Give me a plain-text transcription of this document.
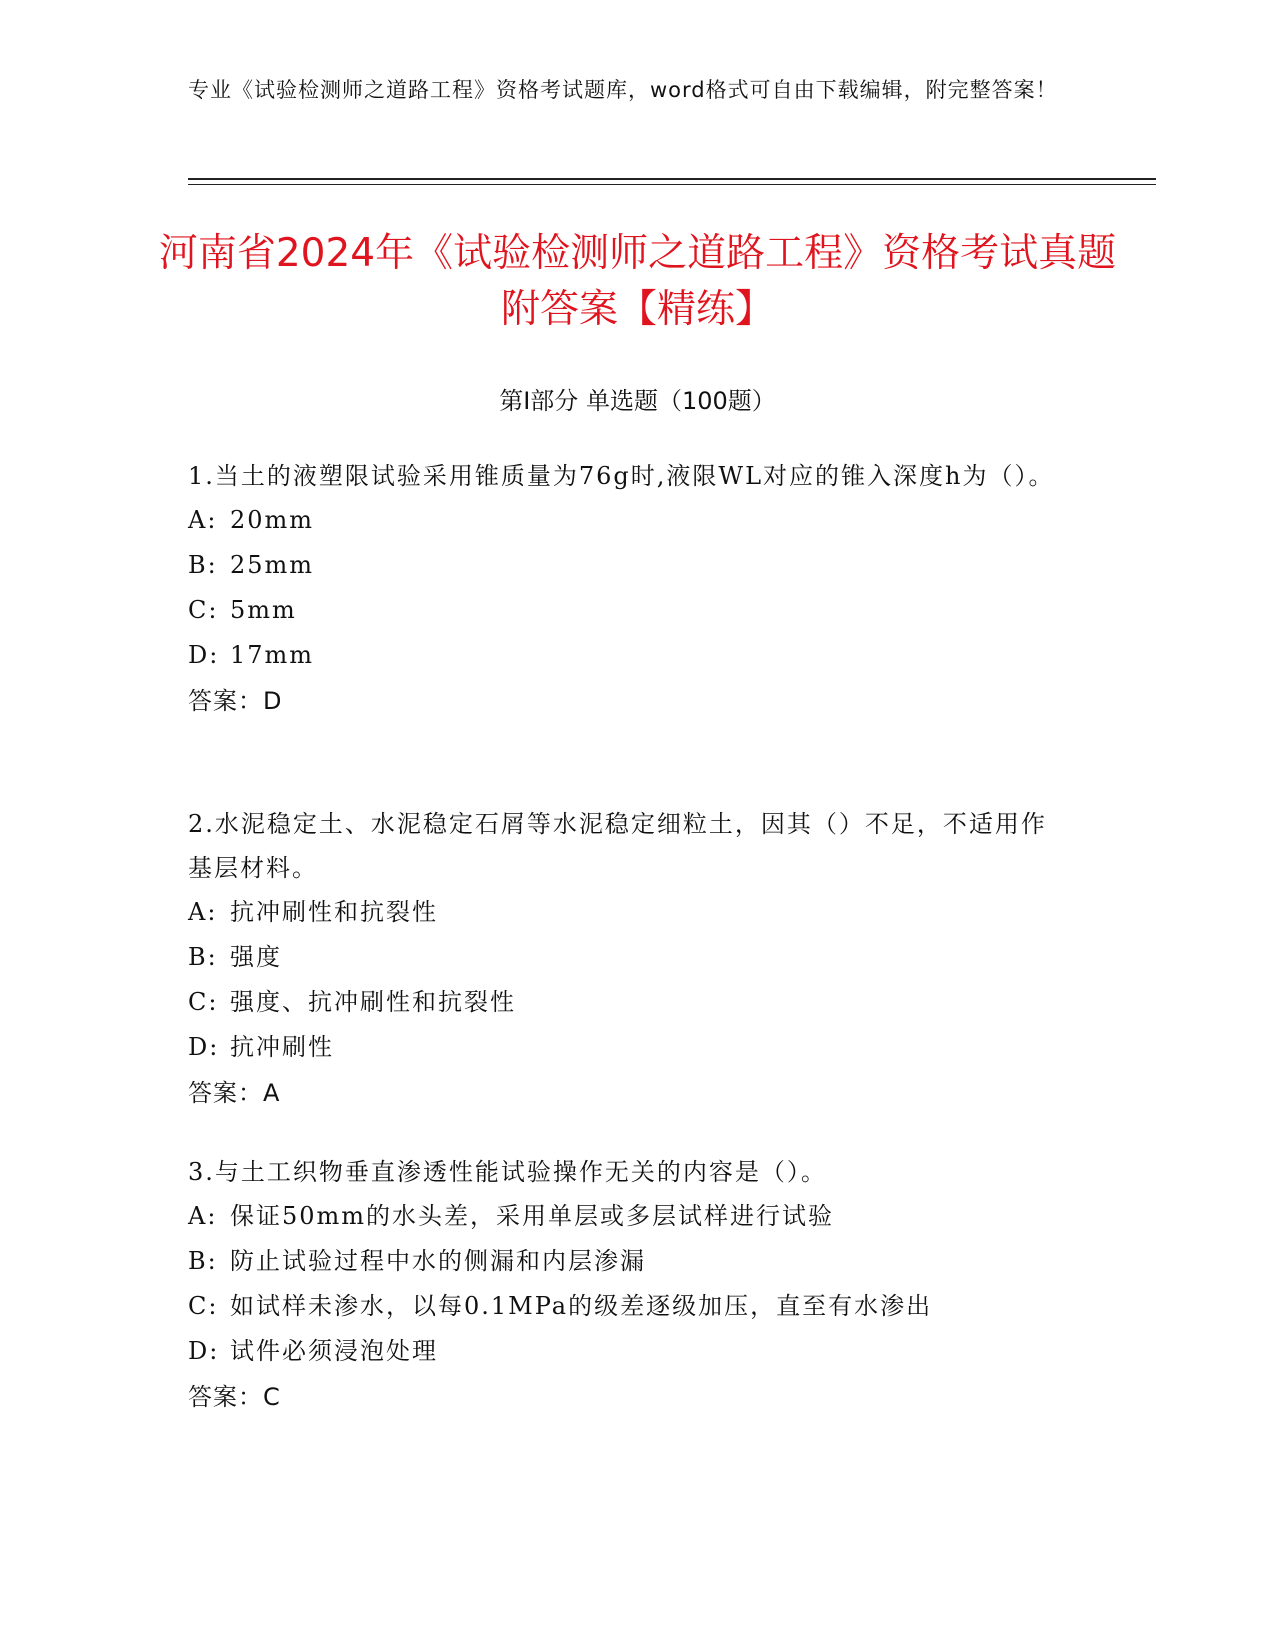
专业《试验检测师之道路工程》资格考试题库，word格式可自由下载编辑，附完整答案！
河南省2024年《试验检测师之道路工程》资格考试真题附答案【精练】
第Ⅰ部分 单选题（100题）
1.当土的液塑限试验采用锥质量为76g时,液限WL对应的锥入深度h为（）。
A: 20mm
B: 25mm
C: 5mm
D: 17mm
答案：D
2.水泥稳定土、水泥稳定石屑等水泥稳定细粒土，因其（）不足，不适用作基层材料。
A: 抗冲刷性和抗裂性
B: 强度
C: 强度、抗冲刷性和抗裂性
D: 抗冲刷性
答案：A
3.与土工织物垂直渗透性能试验操作无关的内容是（）。
A: 保证50mm的水头差，采用单层或多层试样进行试验
B: 防止试验过程中水的侧漏和内层渗漏
C: 如试样未渗水，以每0.1MPa的级差逐级加压，直至有水渗出
D: 试件必须浸泡处理
答案：C
